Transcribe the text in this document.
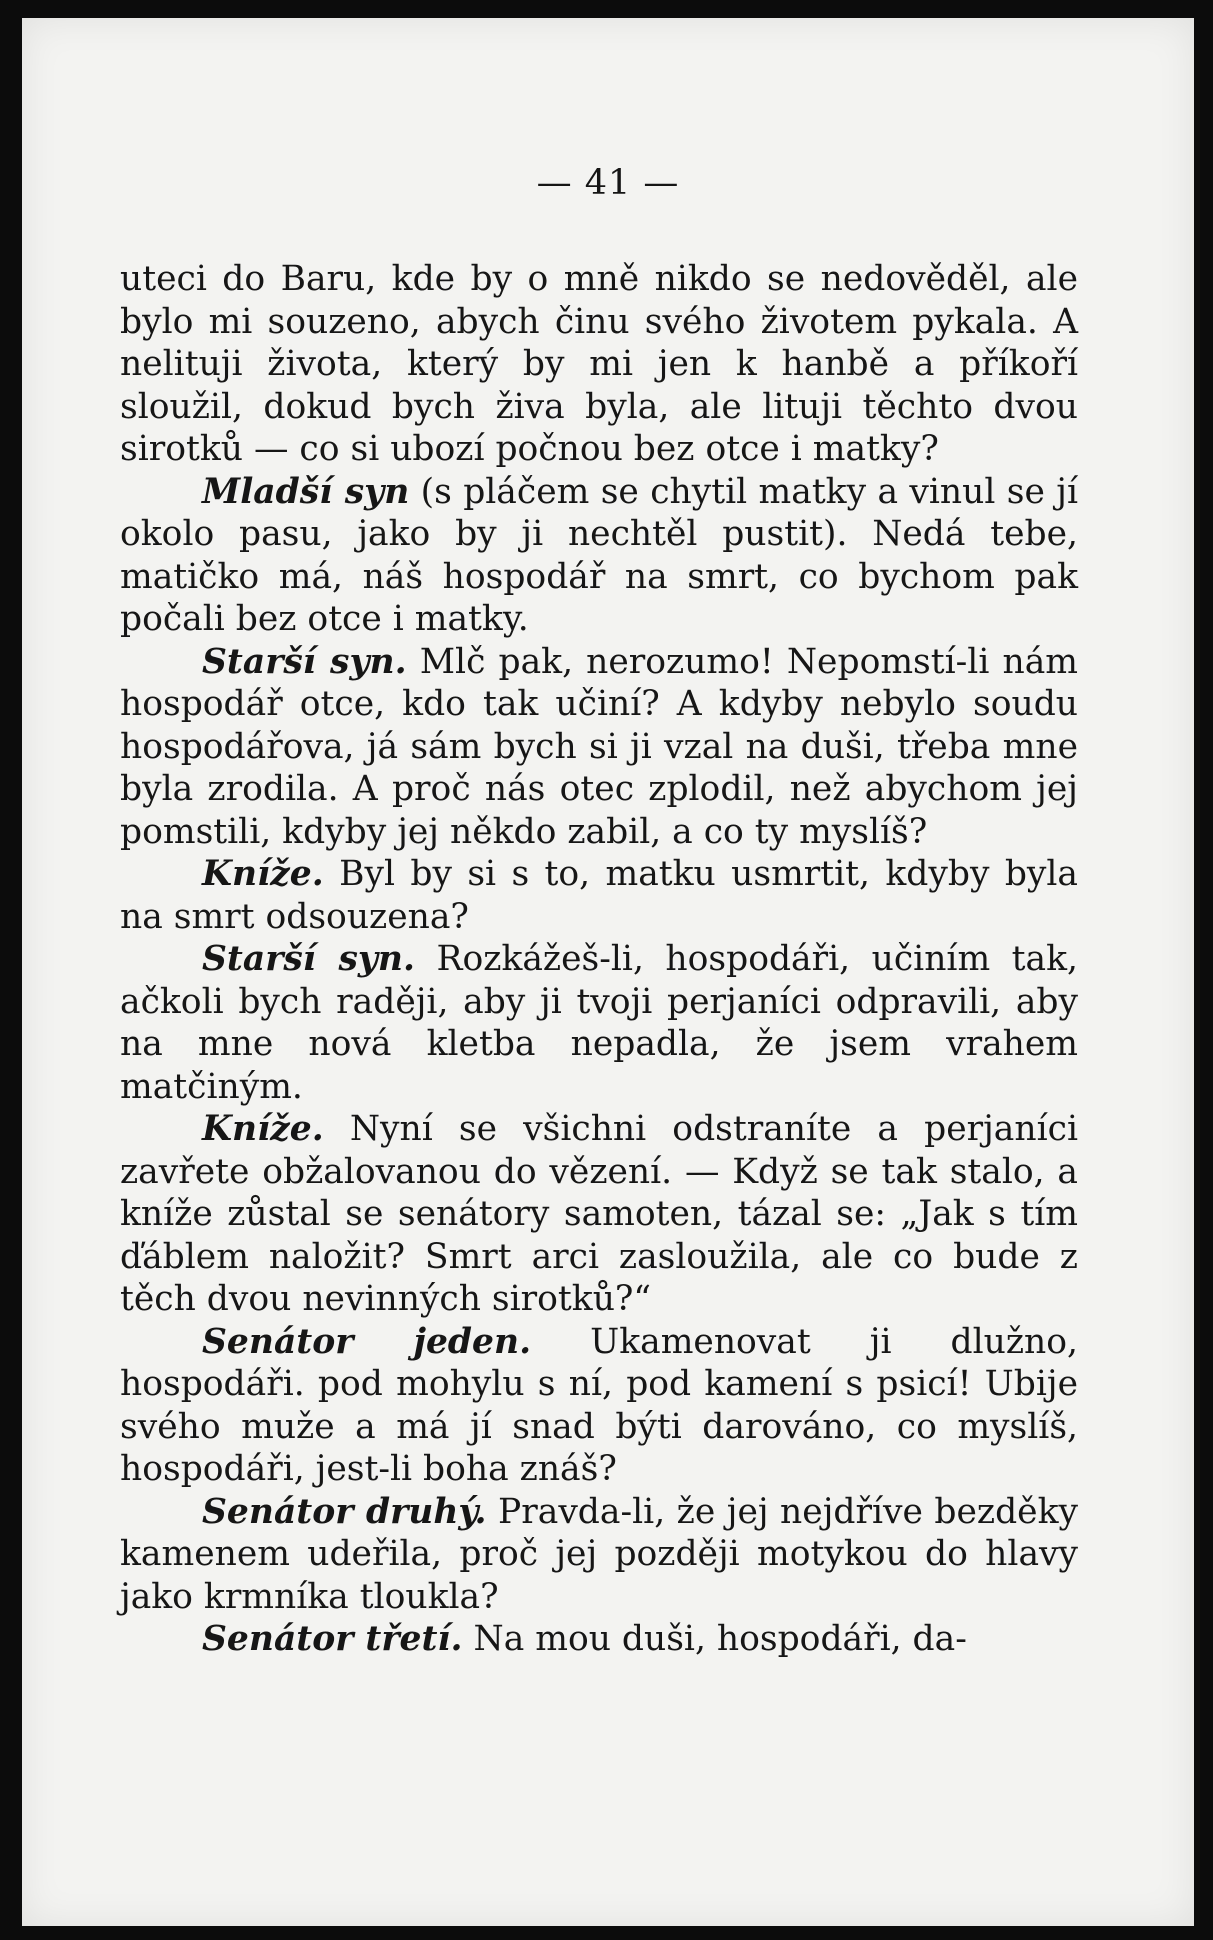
— 41 —

uteci do Baru, kde by o mně nikdo se nedověděl, ale bylo mi souzeno, abych činu svého životem pykala. A nelituji života, který by mi jen k hanbě a příkoří sloužil, dokud bych živa byla, ale lituji těchto dvou sirotků — co si ubozí počnou bez otce i matky?

Mladší syn (s pláčem se chytil matky a vinul se jí okolo pasu, jako by ji nechtěl pustit). Nedá tebe, matičko má, náš hospodář na smrt, co bychom pak počali bez otce i matky.

Starší syn. Mlč pak, nerozumo! Nepomstí-li nám hospodář otce, kdo tak učiní? A kdyby nebylo soudu hospodářova, já sám bych si ji vzal na duši, třeba mne byla zrodila. A proč nás otec zplodil, než abychom jej pomstili, kdyby jej někdo zabil, a co ty myslíš?

Kníže. Byl by si s to, matku usmrtit, kdyby byla na smrt odsouzena?

Starší syn. Rozkážeš-li, hospodáři, učiním tak, ačkoli bych raději, aby ji tvoji perjaníci odpravili, aby na mne nová kletba nepadla, že jsem vrahem matčiným.

Kníže. Nyní se všichni odstraníte a perjaníci zavřete obžalovanou do vězení. — Když se tak stalo, a kníže zůstal se senátory samoten, tázal se: „Jak s tím ďáblem naložit? Smrt arci zasloužila, ale co bude z těch dvou nevinných sirotků?“

Senátor jeden. Ukamenovat ji dlužno, hospodáři. pod mohylu s ní, pod kamení s psicí! Ubije svého muže a má jí snad býti darováno, co myslíš, hospodáři, jest-li boha znáš?

Senátor druhý. Pravda-li, že jej nejdříve bezděky kamenem udeřila, proč jej později motykou do hlavy jako krmníka tloukla?

Senátor třetí. Na mou duši, hospodáři, da-
